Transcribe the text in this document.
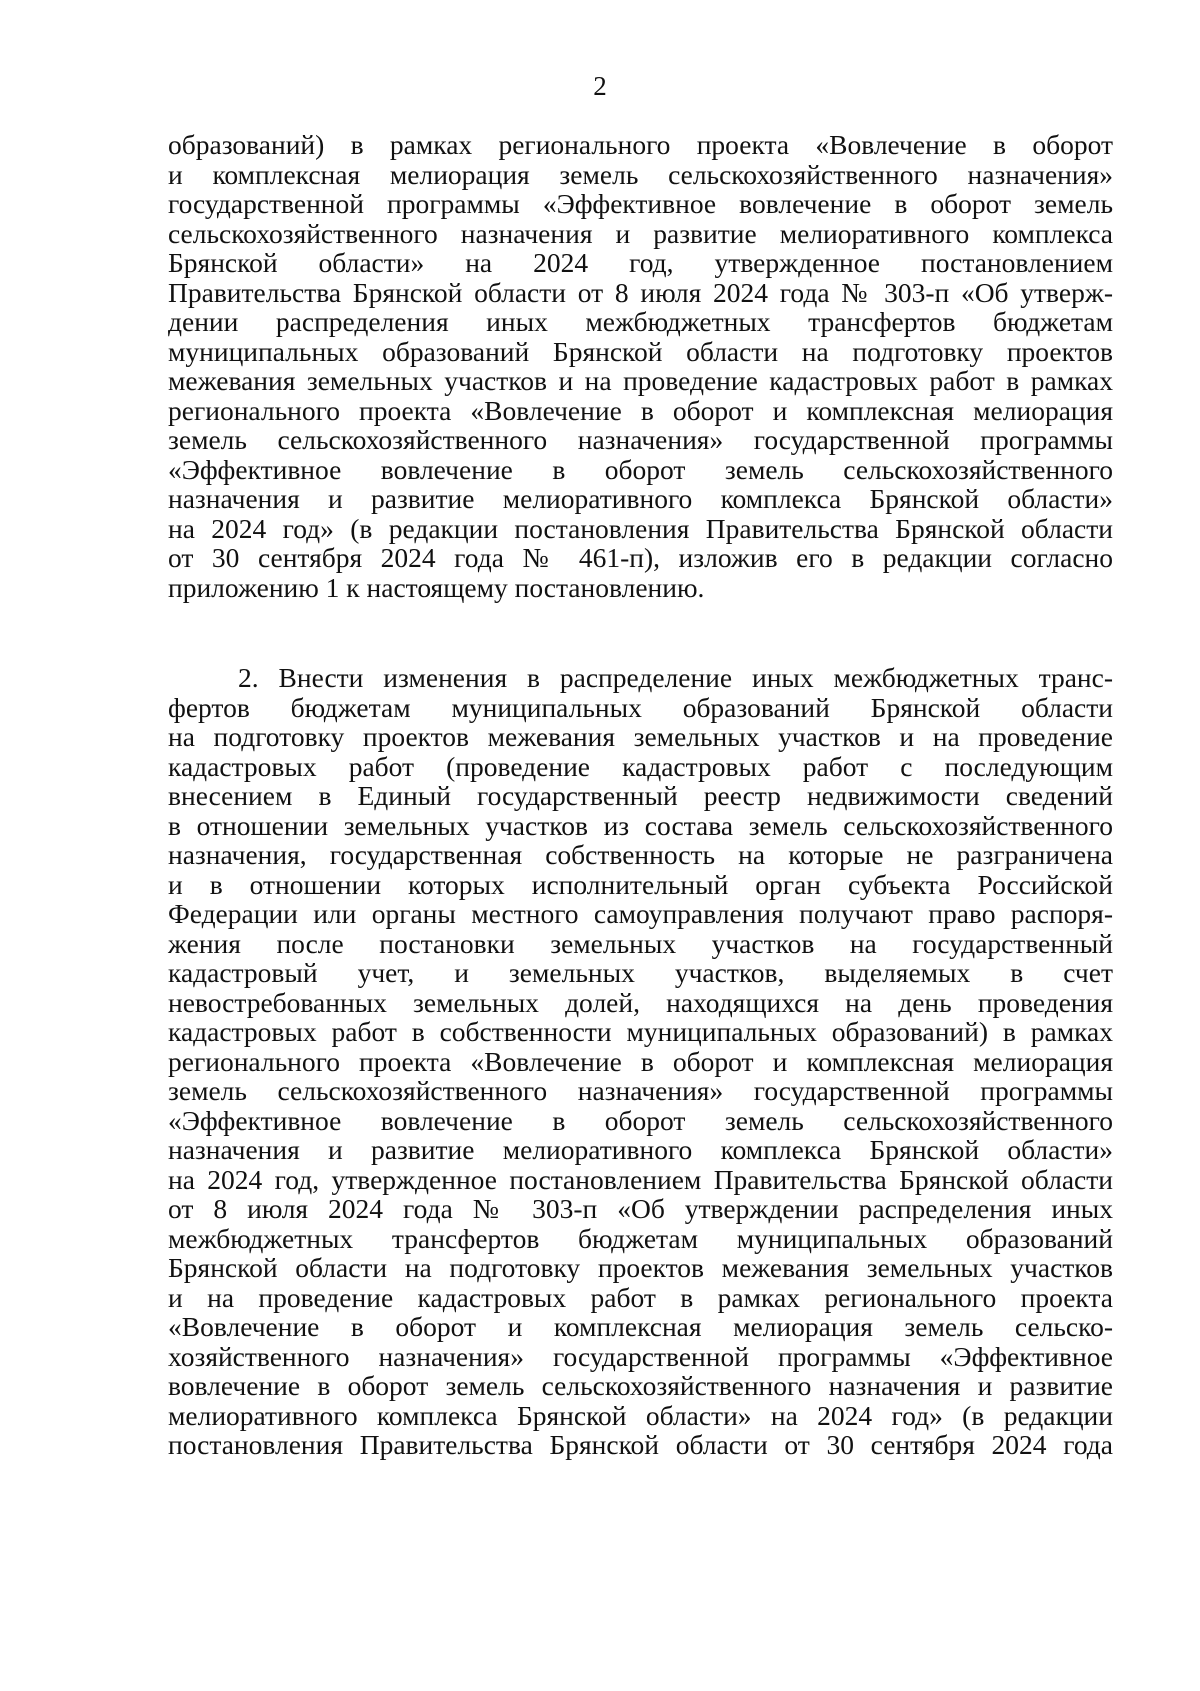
2
образований) в рамках регионального проекта «Вовлечение в оборот
и комплексная мелиорация земель сельскохозяйственного назначения»
государственной программы «Эффективное вовлечение в оборот земель
сельскохозяйственного назначения и развитие мелиоративного комплекса
Брянской области» на 2024 год, утвержденное постановлением
Правительства Брянской области от 8 июля 2024 года № 303-п «Об утверж-
дении распределения иных межбюджетных трансфертов бюджетам
муниципальных образований Брянской области на подготовку проектов
межевания земельных участков и на проведение кадастровых работ в рамках
регионального проекта «Вовлечение в оборот и комплексная мелиорация
земель сельскохозяйственного назначения» государственной программы
«Эффективное вовлечение в оборот земель сельскохозяйственного
назначения и развитие мелиоративного комплекса Брянской области»
на 2024 год» (в редакции постановления Правительства Брянской области
от 30 сентября 2024 года № 461-п), изложив его в редакции согласно
приложению 1 к настоящему постановлению.
2. Внести изменения в распределение иных межбюджетных транс-
фертов бюджетам муниципальных образований Брянской области
на подготовку проектов межевания земельных участков и на проведение
кадастровых работ (проведение кадастровых работ с последующим
внесением в Единый государственный реестр недвижимости сведений
в отношении земельных участков из состава земель сельскохозяйственного
назначения, государственная собственность на которые не разграничена
и в отношении которых исполнительный орган субъекта Российской
Федерации или органы местного самоуправления получают право распоря-
жения после постановки земельных участков на государственный
кадастровый учет, и земельных участков, выделяемых в счет
невостребованных земельных долей, находящихся на день проведения
кадастровых работ в собственности муниципальных образований) в рамках
регионального проекта «Вовлечение в оборот и комплексная мелиорация
земель сельскохозяйственного назначения» государственной программы
«Эффективное вовлечение в оборот земель сельскохозяйственного
назначения и развитие мелиоративного комплекса Брянской области»
на 2024 год, утвержденное постановлением Правительства Брянской области
от 8 июля 2024 года № 303-п «Об утверждении распределения иных
межбюджетных трансфертов бюджетам муниципальных образований
Брянской области на подготовку проектов межевания земельных участков
и на проведение кадастровых работ в рамках регионального проекта
«Вовлечение в оборот и комплексная мелиорация земель сельско-
хозяйственного назначения» государственной программы «Эффективное
вовлечение в оборот земель сельскохозяйственного назначения и развитие
мелиоративного комплекса Брянской области» на 2024 год» (в редакции
постановления Правительства Брянской области от 30 сентября 2024 года
